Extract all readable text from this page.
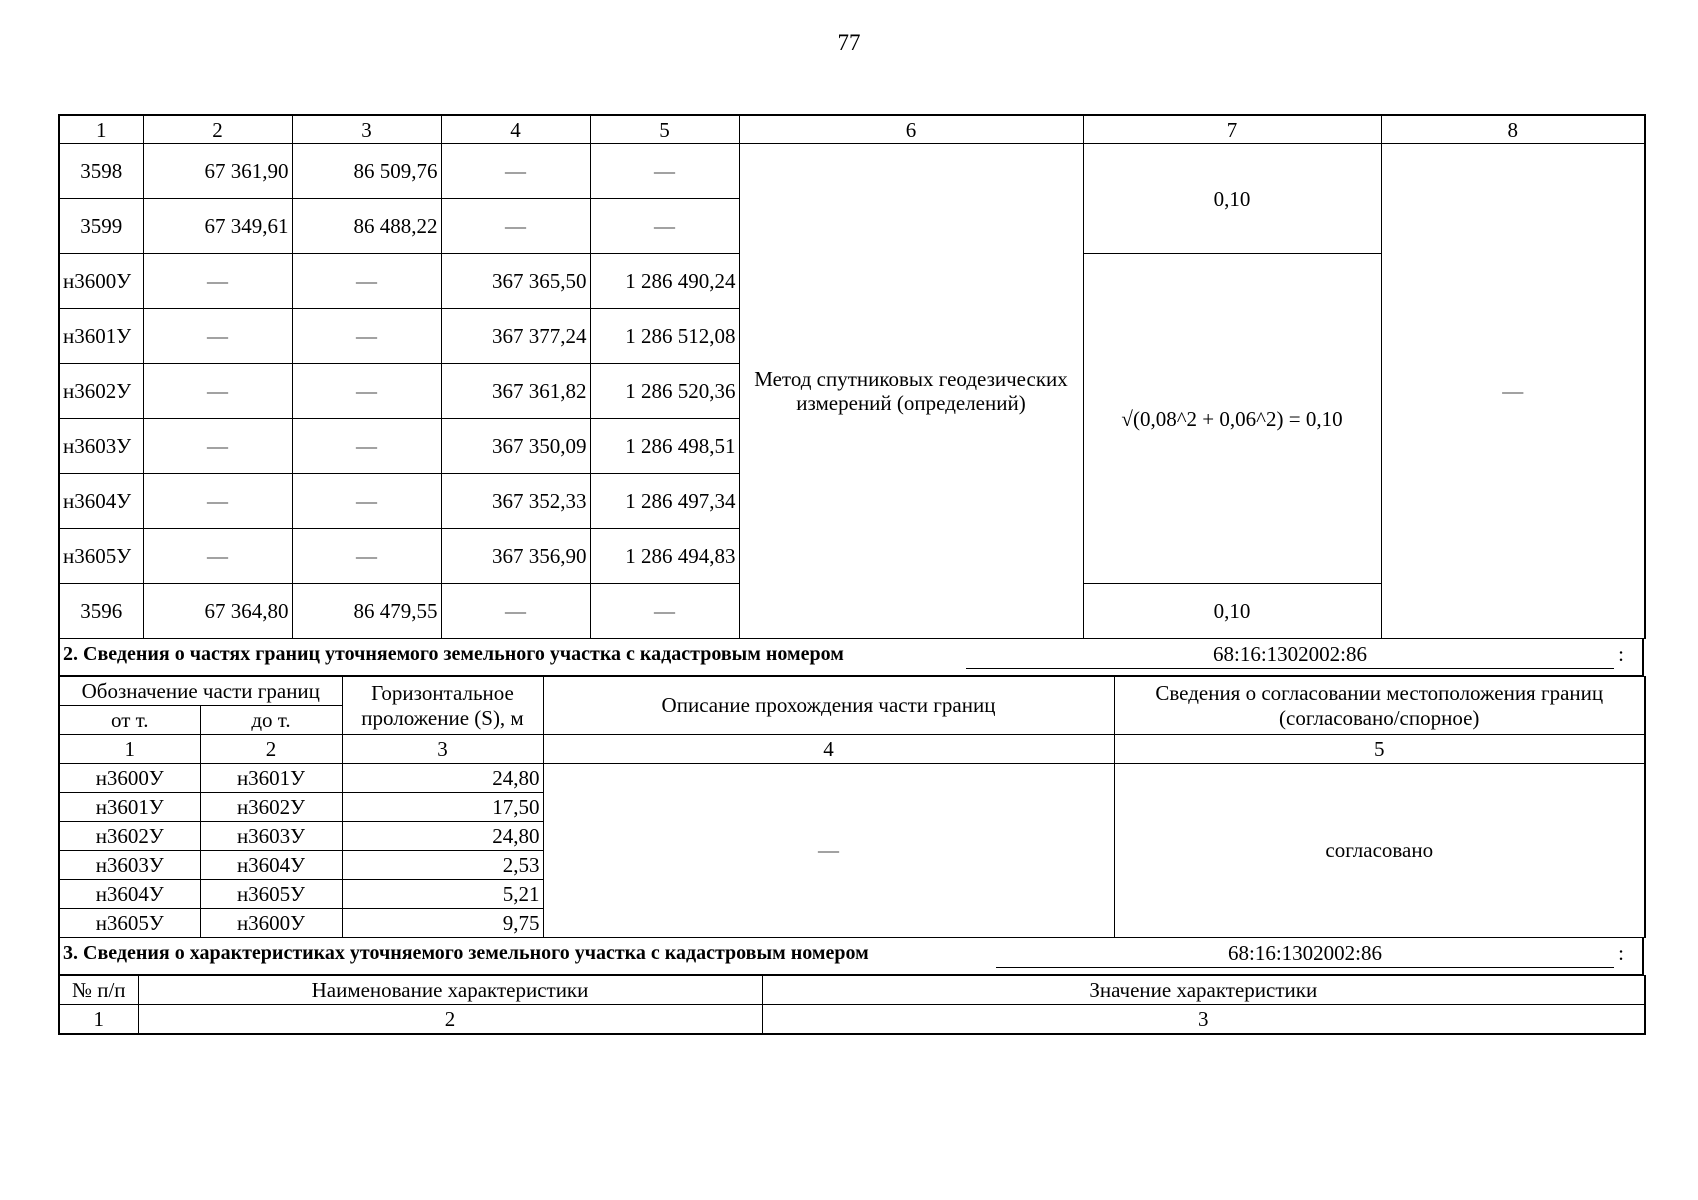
77
1	2	3	4	5	6	7	8
3598	67 361,90	86 509,76	—	—	Метод спутниковых геодезических измерений (определений)	0,10	—
3599	67 349,61	86 488,22	—	—			
н3600У	—	—	367 365,50	1 286 490,24		√(0,08^2 + 0,06^2) = 0,10	
н3601У	—	—	367 377,24	1 286 512,08			
н3602У	—	—	367 361,82	1 286 520,36			
н3603У	—	—	367 350,09	1 286 498,51			
н3604У	—	—	367 352,33	1 286 497,34			
н3605У	—	—	367 356,90	1 286 494,83			
3596	67 364,80	86 479,55	—	—		0,10	
2. Сведения о частях границ уточняемого земельного участка с кадастровым номером	68:16:1302002:86	:
Обозначение части границ		Горизонтальное проложение (S), м	Описание прохождения части границ	Сведения о согласовании местоположения границ (согласовано/спорное)
от т.	до т.			
1	2	3	4	5
н3600У	н3601У	24,80	—	согласовано
н3601У	н3602У	17,50		
н3602У	н3603У	24,80		
н3603У	н3604У	2,53		
н3604У	н3605У	5,21		
н3605У	н3600У	9,75		
3. Сведения о характеристиках уточняемого земельного участка с кадастровым номером	68:16:1302002:86	:
№ п/п	Наименование характеристики	Значение характеристики
1	2	3
